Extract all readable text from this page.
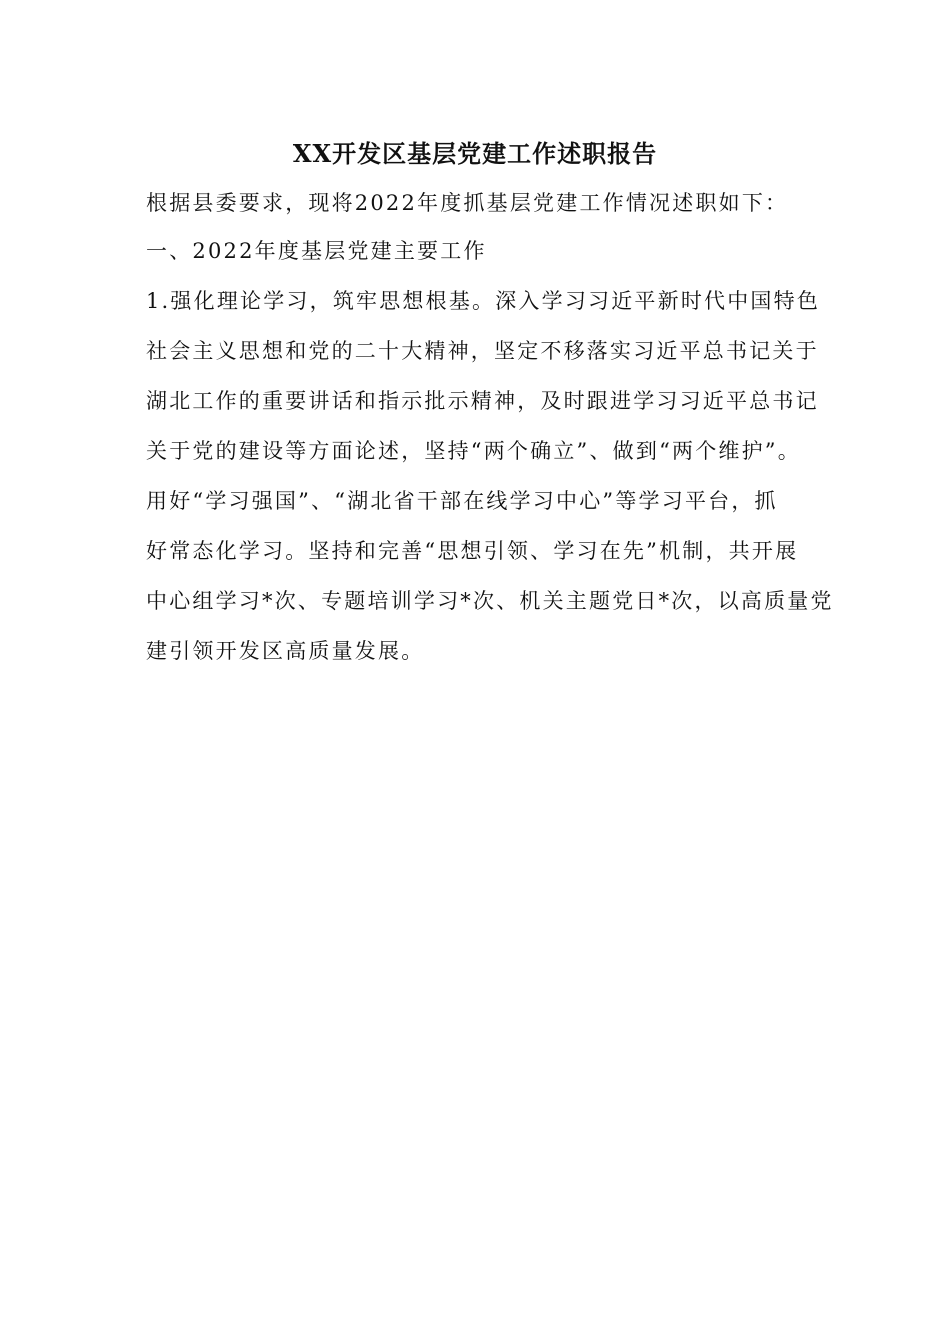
XX开发区基层党建工作述职报告
根据县委要求，现将2022年度抓基层党建工作情况述职如下：
一、2022年度基层党建主要工作
1.强化理论学习，筑牢思想根基。深入学习习近平新时代中国特色
社会主义思想和党的二十大精神，坚定不移落实习近平总书记关于
湖北工作的重要讲话和指示批示精神，及时跟进学习习近平总书记
关于党的建设等方面论述，坚持“两个确立”、做到“两个维护”。
用好“学习强国”、“湖北省干部在线学习中心”等学习平台，抓
好常态化学习。坚持和完善“思想引领、学习在先”机制，共开展
中心组学习*次、专题培训学习*次、机关主题党日*次，以高质量党
建引领开发区高质量发展。
